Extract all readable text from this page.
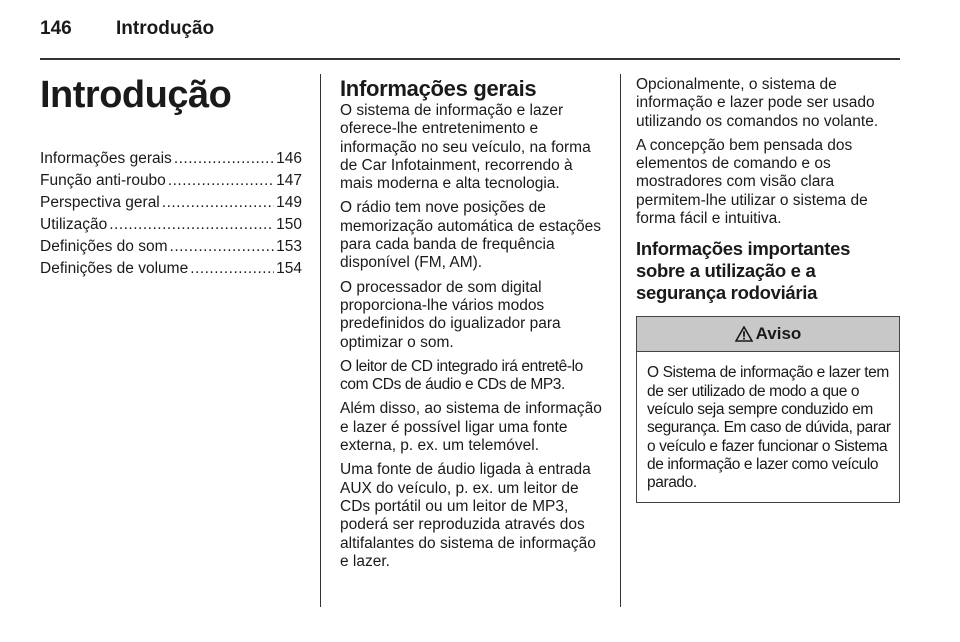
146 Introdução
Introdução
Informações gerais .....	146
Função anti-roubo .....	147
Perspectiva geral .....	149
Utilização .....	150
Definições do som .....	153
Definições de volume .....	154
Informações gerais

O sistema de informação e lazer oferece-lhe entretenimento e informação no seu veículo, na forma de Car Infotainment, recorrendo à mais moderna e alta tecnologia.

O rádio tem nove posições de memorização automática de estações para cada banda de frequência disponível (FM, AM).

O processador de som digital proporciona-lhe vários modos predefinidos do igualizador para optimizar o som.

O leitor de CD integrado irá entretê-lo com CDs de áudio e CDs de MP3.

Além disso, ao sistema de informação e lazer é possível ligar uma fonte externa, p. ex. um telemóvel.

Uma fonte de áudio ligada à entrada AUX do veículo, p. ex. um leitor de CDs portátil ou um leitor de MP3, poderá ser reproduzida através dos altifalantes do sistema de informação e lazer.

Opcionalmente, o sistema de informação e lazer pode ser usado utilizando os comandos no volante.

A concepção bem pensada dos elementos de comando e os mostradores com visão clara permitem-lhe utilizar o sistema de forma fácil e intuitiva.

Informações importantes sobre a utilização e a segurança rodoviária
Aviso

O Sistema de informação e lazer tem de ser utilizado de modo a que o veículo seja sempre conduzido em segurança. Em caso de dúvida, parar o veículo e fazer funcionar o Sistema de informação e lazer como veículo parado.
